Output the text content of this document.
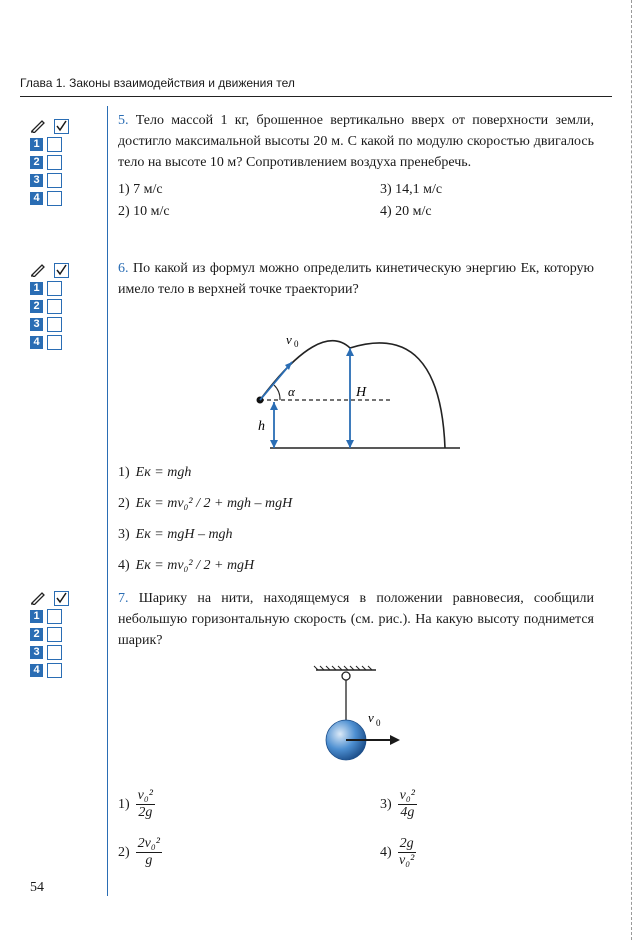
Глава 1. Законы взаимодействия и движения тел
1
2
3
4
1
2
3
4
1
2
3
4
5. Тело массой 1 кг, брошенное вертикально вверх от поверхности земли, достигло максимальной высоты 20 м. С какой по модулю скоростью двигалось тело на высоте 10 м? Сопротивлением воздуха пренебречь.
1) 7 м/с
2) 10 м/с
3) 14,1 м/с
4) 20 м/с
6. По какой из формул можно определить кинетическую энергию Eк, которую имело тело в верхней точке траектории?
v 0
α	H
h
1) Eк = mgh
2) Eк = mv₀² / 2 + mgh – mgH
3) Eк = mgH – mgh
4) Eк = mv₀² / 2 + mgH
7. Шарику на нити, находящемуся в положении равновесия, сообщили небольшую горизонтальную скорость (см. рис.). На какую высоту поднимется шарик?
v 0
$1) \frac{\text{v₀²}}{2g}$
$2) \frac{\text{2v₀²}}{g}$
$3) \frac{\text{v₀²}}{4g}$
$4) \frac{2g}{\text{v₀²}}$
54
